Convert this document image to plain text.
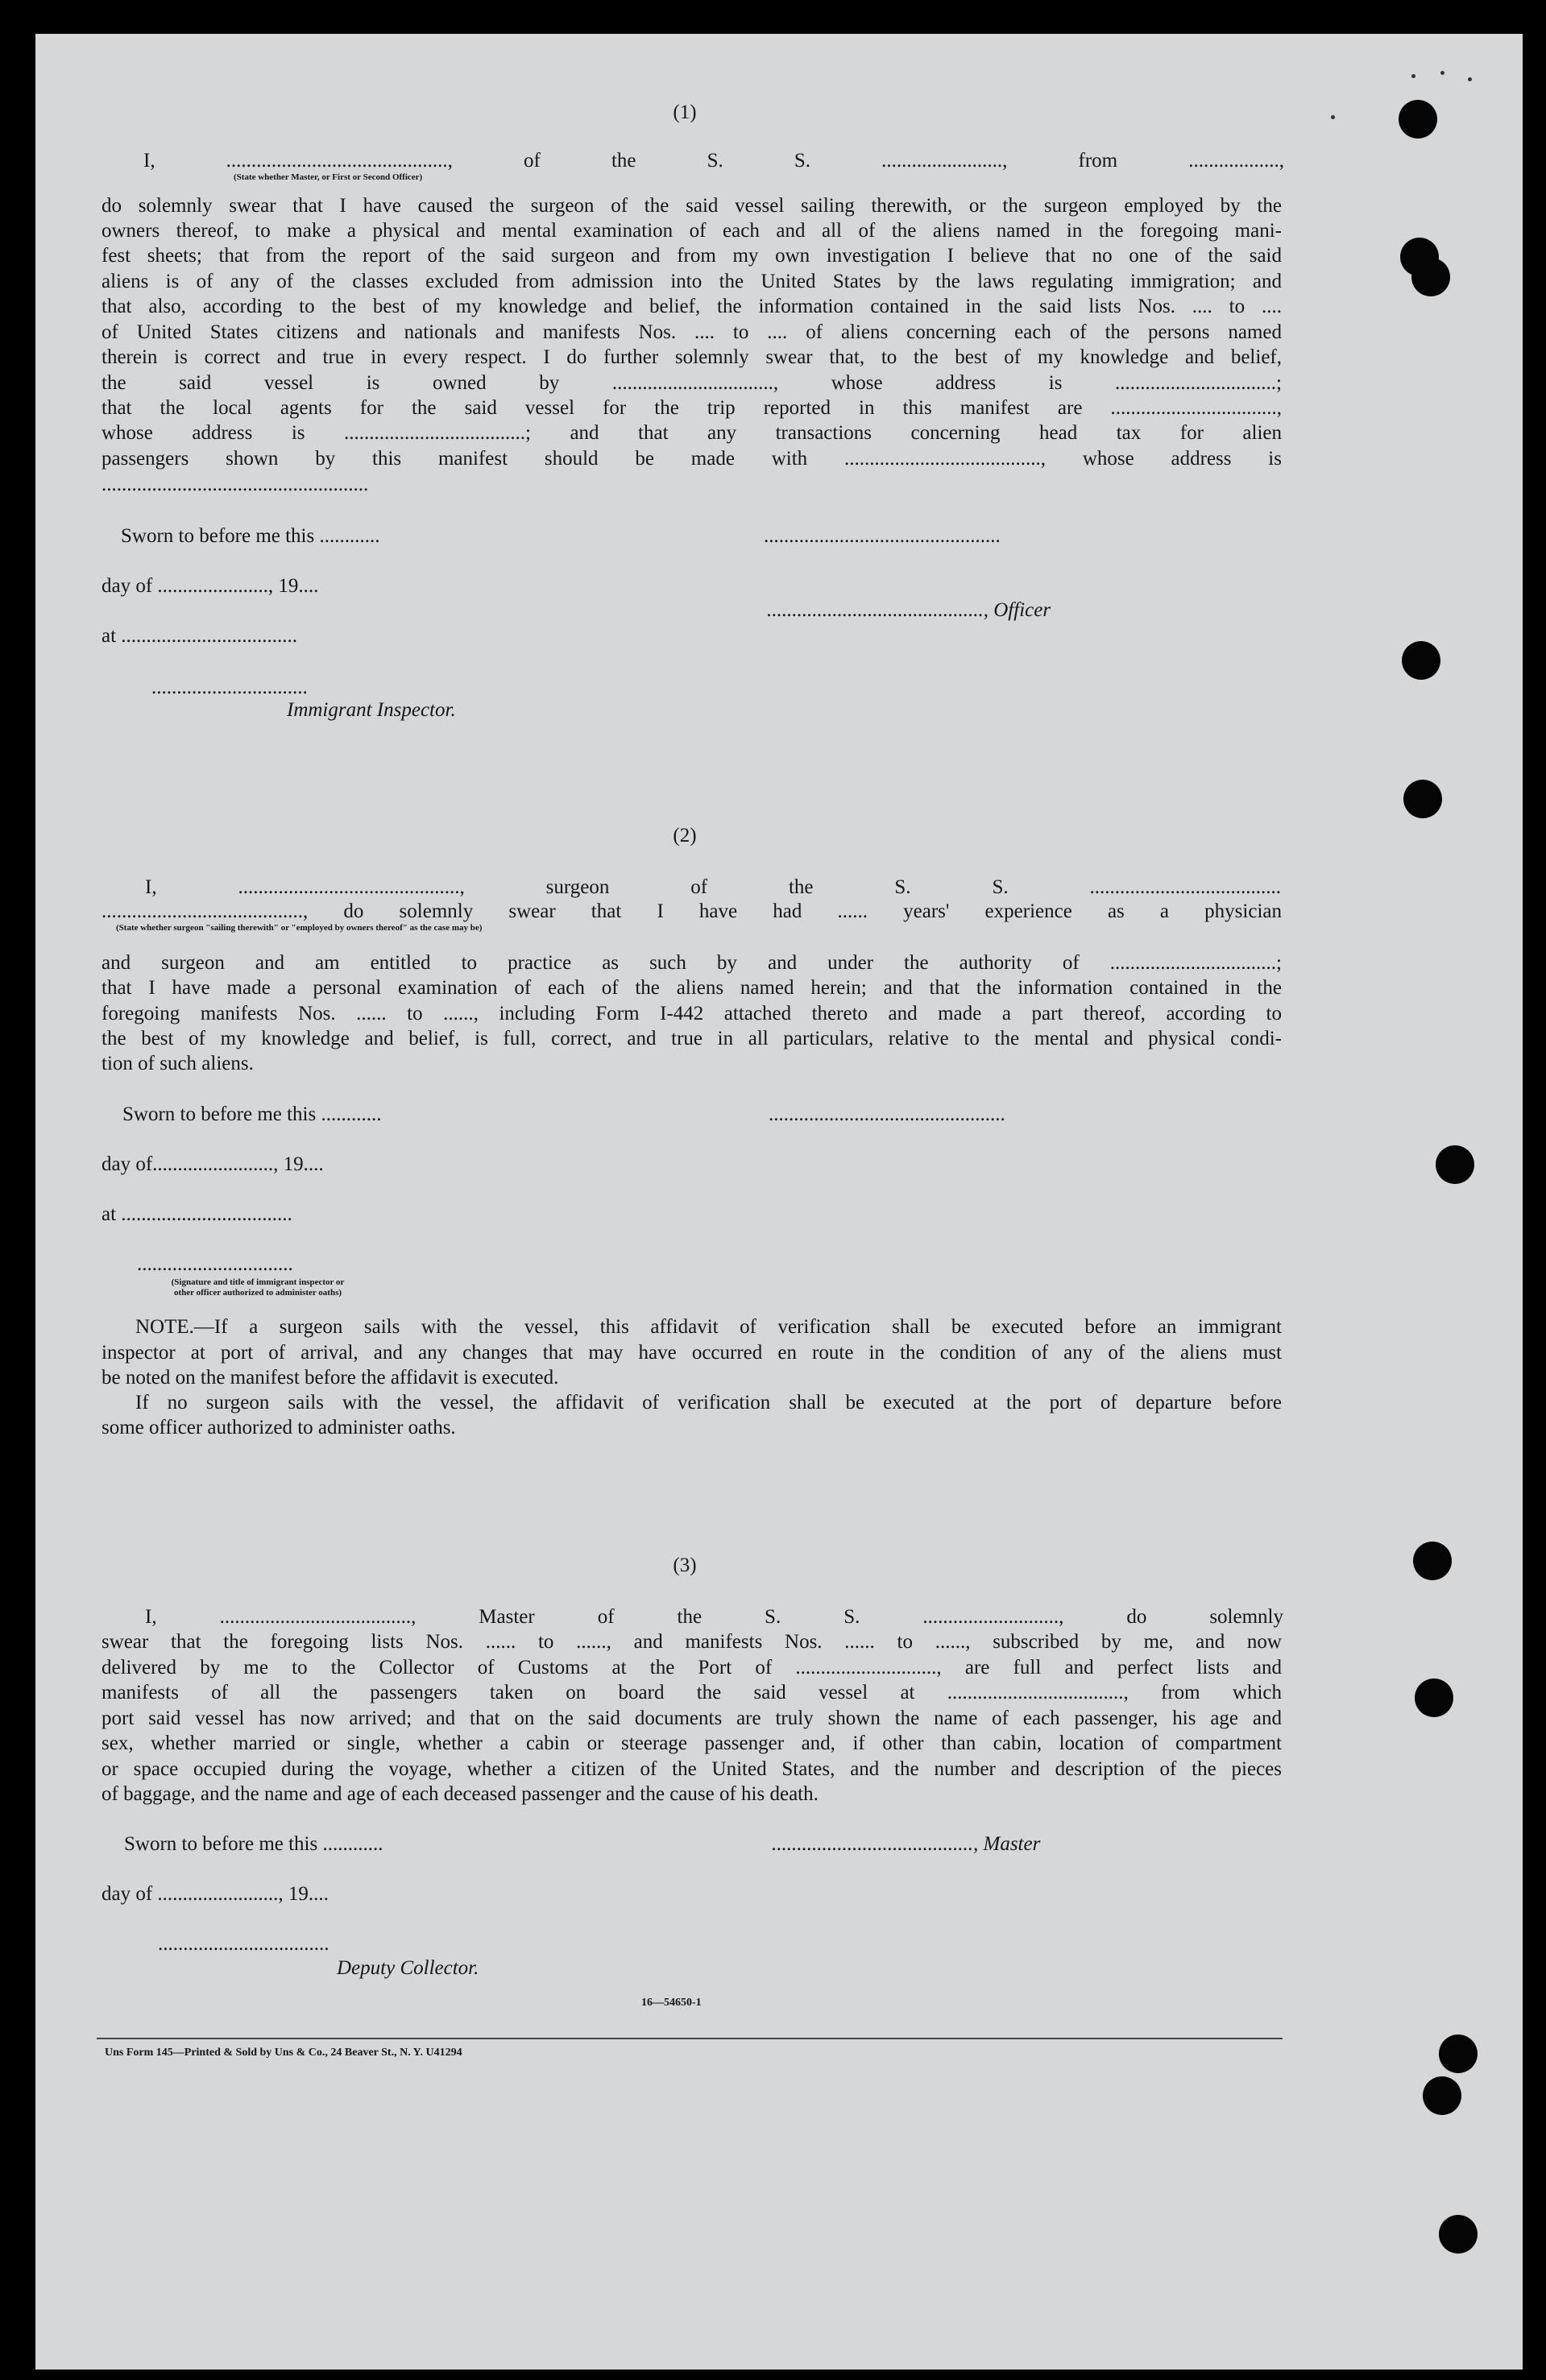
(1)
I, ............................................, of the S. S. ........................, from ..................,
(State whether Master, or First or Second Officer)
do solemnly swear that I have caused the surgeon of the said vessel sailing therewith, or the surgeon employed by the
owners thereof, to make a physical and mental examination of each and all of the aliens named in the foregoing mani-
fest sheets; that from the report of the said surgeon and from my own investigation I believe that no one of the said
aliens is of any of the classes excluded from admission into the United States by the laws regulating immigration; and
that also, according to the best of my knowledge and belief, the information contained in the said lists Nos. .... to ....
of United States citizens and nationals and manifests Nos. .... to .... of aliens concerning each of the persons named
therein is correct and true in every respect. I do further solemnly swear that, to the best of my knowledge and belief,
the said vessel is owned by ................................, whose address is ................................;
that the local agents for the said vessel for the trip reported in this manifest are .................................,
whose address is ....................................; and that any transactions concerning head tax for alien
passengers shown by this manifest should be made with ......................................., whose address is
.....................................................
Sworn to before me this ............	...............................................
day of ......................, 19....
..........................................., Officer
at ...................................
...............................
Immigrant Inspector.
(2)
I, ............................................, surgeon of the S. S. ......................................
........................................, do solemnly swear that I have had ...... years' experience as a physician
(State whether surgeon "sailing therewith" or "employed by owners thereof" as the case may be)
and surgeon and am entitled to practice as such by and under the authority of .................................;
that I have made a personal examination of each of the aliens named herein; and that the information contained in the
foregoing manifests Nos. ...... to ......, including Form I-442 attached thereto and made a part thereof, according to
the best of my knowledge and belief, is full, correct, and true in all particulars, relative to the mental and physical condi-
tion of such aliens.
Sworn to before me this ............	...............................................
day of........................, 19....
at ..................................
...............................
(Signature and title of immigrant inspector or
other officer authorized to administer oaths)
NOTE.—If a surgeon sails with the vessel, this affidavit of verification shall be executed before an immigrant
inspector at port of arrival, and any changes that may have occurred en route in the condition of any of the aliens must
be noted on the manifest before the affidavit is executed.
If no surgeon sails with the vessel, the affidavit of verification shall be executed at the port of departure before
some officer authorized to administer oaths.
(3)
I, ......................................, Master of the S. S. ..........................., do solemnly
swear that the foregoing lists Nos. ...... to ......, and manifests Nos. ...... to ......, subscribed by me, and now
delivered by me to the Collector of Customs at the Port of ............................, are full and perfect lists and
manifests of all the passengers taken on board the said vessel at ..................................., from which
port said vessel has now arrived; and that on the said documents are truly shown the name of each passenger, his age and
sex, whether married or single, whether a cabin or steerage passenger and, if other than cabin, location of compartment
or space occupied during the voyage, whether a citizen of the United States, and the number and description of the pieces
of baggage, and the name and age of each deceased passenger and the cause of his death.
Sworn to before me this ............	........................................, Master
day of ........................, 19....
..................................
Deputy Collector.
16—54650-1
Uns Form 145—Printed & Sold by Uns & Co., 24 Beaver St., N. Y. U41294
